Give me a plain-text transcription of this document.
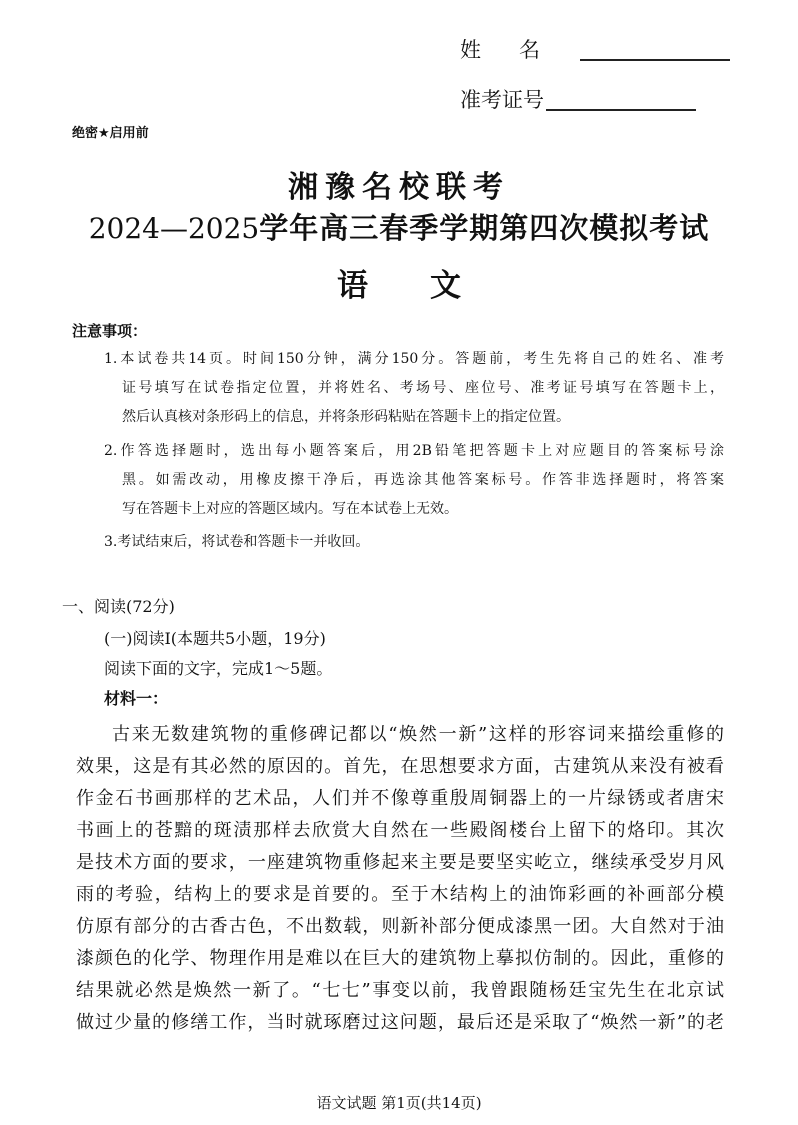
姓名
准考证号
绝密★启用前
湘豫名校联考
2024—2025学年高三春季学期第四次模拟考试
语 文
注意事项：
1.本试卷共14页。时间150分钟，满分150分。答题前，考生先将自己的姓名、准考
证号填写在试卷指定位置，并将姓名、考场号、座位号、准考证号填写在答题卡上，
然后认真核对条形码上的信息，并将条形码粘贴在答题卡上的指定位置。
2.作答选择题时，选出每小题答案后，用2B铅笔把答题卡上对应题目的答案标号涂
黑。如需改动，用橡皮擦干净后，再选涂其他答案标号。作答非选择题时，将答案
写在答题卡上对应的答题区域内。写在本试卷上无效。
3.考试结束后，将试卷和答题卡一并收回。
一、阅读(72分)
(一)阅读Ⅰ(本题共5小题，19分)
阅读下面的文字，完成1～5题。
材料一：
古来无数建筑物的重修碑记都以“焕然一新”这样的形容词来描绘重修的
效果，这是有其必然的原因的。首先，在思想要求方面，古建筑从来没有被看
作金石书画那样的艺术品，人们并不像尊重殷周铜器上的一片绿锈或者唐宋
书画上的苍黯的斑渍那样去欣赏大自然在一些殿阁楼台上留下的烙印。其次
是技术方面的要求，一座建筑物重修起来主要是要坚实屹立，继续承受岁月风
雨的考验，结构上的要求是首要的。至于木结构上的油饰彩画的补画部分模
仿原有部分的古香古色，不出数载，则新补部分便成漆黑一团。大自然对于油
漆颜色的化学、物理作用是难以在巨大的建筑物上摹拟仿制的。因此，重修的
结果就必然是焕然一新了。“七七”事变以前，我曾跟随杨廷宝先生在北京试
做过少量的修缮工作，当时就琢磨过这问题，最后还是采取了“焕然一新”的老
语文试题 第1页(共14页)
